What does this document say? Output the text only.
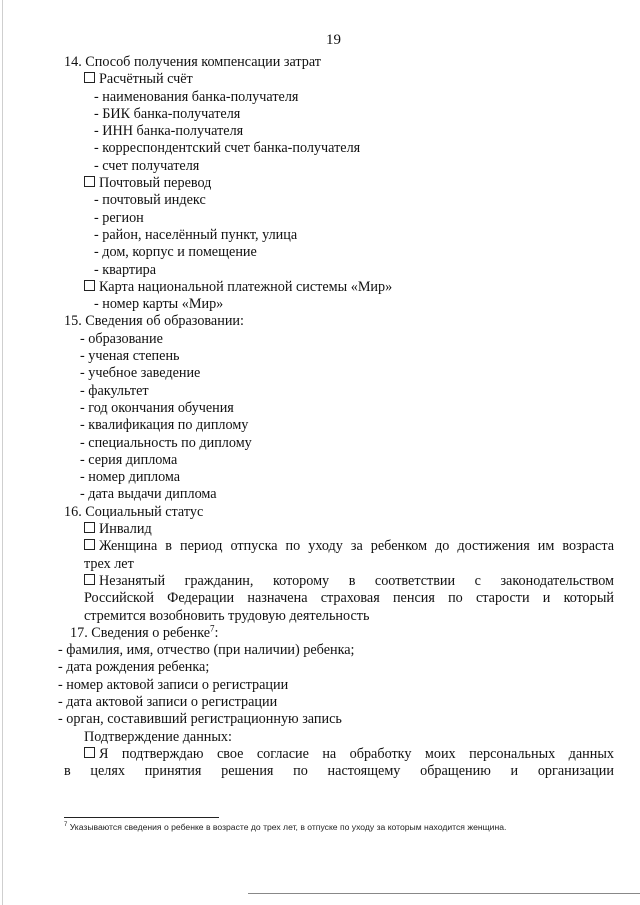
19
14. Способ получения компенсации затрат
Расчётный счёт
- наименования банка-получателя
- БИК банка-получателя
- ИНН банка-получателя
- корреспондентский счет банка-получателя
- счет получателя
Почтовый перевод
- почтовый индекс
- регион
- район, населённый пункт, улица
- дом, корпус и помещение
- квартира
Карта национальной платежной системы «Мир»
- номер карты «Мир»
15. Сведения об образовании:
- образование
- ученая степень
- учебное заведение
- факультет
- год окончания обучения
- квалификация по диплому
- специальность по диплому
- серия диплома
- номер диплома
- дата выдачи диплома
16. Социальный статус
Инвалид
Женщина в период отпуска по уходу за ребенком до достижения им возраста
трех лет
Незанятый гражданин, которому в соответствии с законодательством
Российской Федерации назначена страховая пенсия по старости и который
стремится возобновить трудовую деятельность
17. Сведения о ребенке$^7$:
- фамилия, имя, отчество (при наличии) ребенка;
- дата рождения ребенка;
- номер актовой записи о регистрации
- дата актовой записи о регистрации
- орган, составивший регистрационную запись
Подтверждение данных:
Я подтверждаю свое согласие на обработку моих персональных данных
в целях принятия решения по настоящему обращению и организации
$^7$ Указываются сведения о ребенке в возрасте до трех лет, в отпуске по уходу за которым находится женщина.
